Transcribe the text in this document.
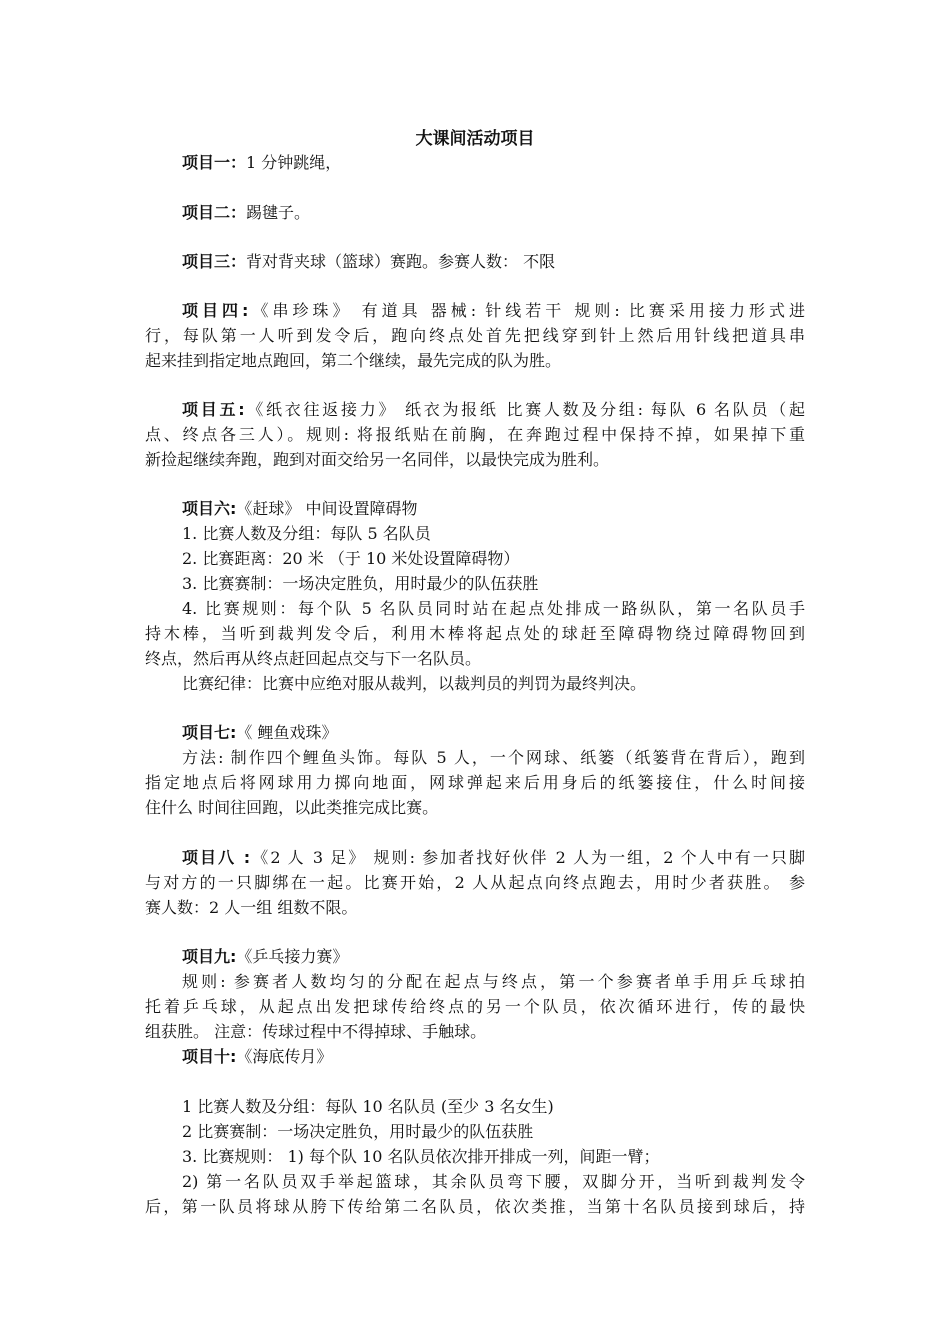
大课间活动项目
项目一：1 分钟跳绳，
项目二：踢毽子。
项目三：背对背夹球（篮球）赛跑。参赛人数： 不限
项目四:《串珍珠》 有道具 器械: 针线若干 规则: 比赛采用接力形式进
行，每队第一人听到发令后，跑向终点处首先把线穿到针上然后用针线把道具串
起来挂到指定地点跑回，第二个继续，最先完成的队为胜。
项目五:《纸衣往返接力》 纸衣为报纸 比赛人数及分组: 每队 6 名队员（起
点、终点各三人）。规则: 将报纸贴在前胸，在奔跑过程中保持不掉，如果掉下重
新捡起继续奔跑，跑到对面交给另一名同伴，以最快完成为胜利。
项目六:《赶球》 中间设置障碍物
1. 比赛人数及分组：每队 5 名队员
2. 比赛距离：20 米 （于 10 米处设置障碍物）
3. 比赛赛制：一场决定胜负，用时最少的队伍获胜
4. 比赛规则：每个队 5 名队员同时站在起点处排成一路纵队，第一名队员手
持木棒，当听到裁判发令后，利用木棒将起点处的球赶至障碍物绕过障碍物回到
终点，然后再从终点赶回起点交与下一名队员。
比赛纪律：比赛中应绝对服从裁判，以裁判员的判罚为最终判决。
项目七:《 鲤鱼戏珠》
方法: 制作四个鲤鱼头饰。每队 5 人，一个网球、纸篓（纸篓背在背后），跑到
指定地点后将网球用力掷向地面，网球弹起来后用身后的纸篓接住，什么时间接
住什么 时间往回跑，以此类推完成比赛。
项目八 :《2 人 3 足》 规则: 参加者找好伙伴 2 人为一组，2 个人中有一只脚
与对方的一只脚绑在一起。比赛开始，2 人从起点向终点跑去，用时少者获胜。 参
赛人数：2 人一组 组数不限。
项目九:《乒乓接力赛》
规则: 参赛者人数均匀的分配在起点与终点，第一个参赛者单手用乒乓球拍
托着乒乓球，从起点出发把球传给终点的另一个队员，依次循环进行，传的最快
组获胜。 注意：传球过程中不得掉球、手触球。
项目十:《海底传月》
1 比赛人数及分组：每队 10 名队员 (至少 3 名女生)
2 比赛赛制：一场决定胜负，用时最少的队伍获胜
3. 比赛规则： 1) 每个队 10 名队员依次排开排成一列，间距一臂；
2) 第一名队员双手举起篮球，其余队员弯下腰，双脚分开，当听到裁判发令
后，第一队员将球从胯下传给第二名队员，依次类推，当第十名队员接到球后，持
